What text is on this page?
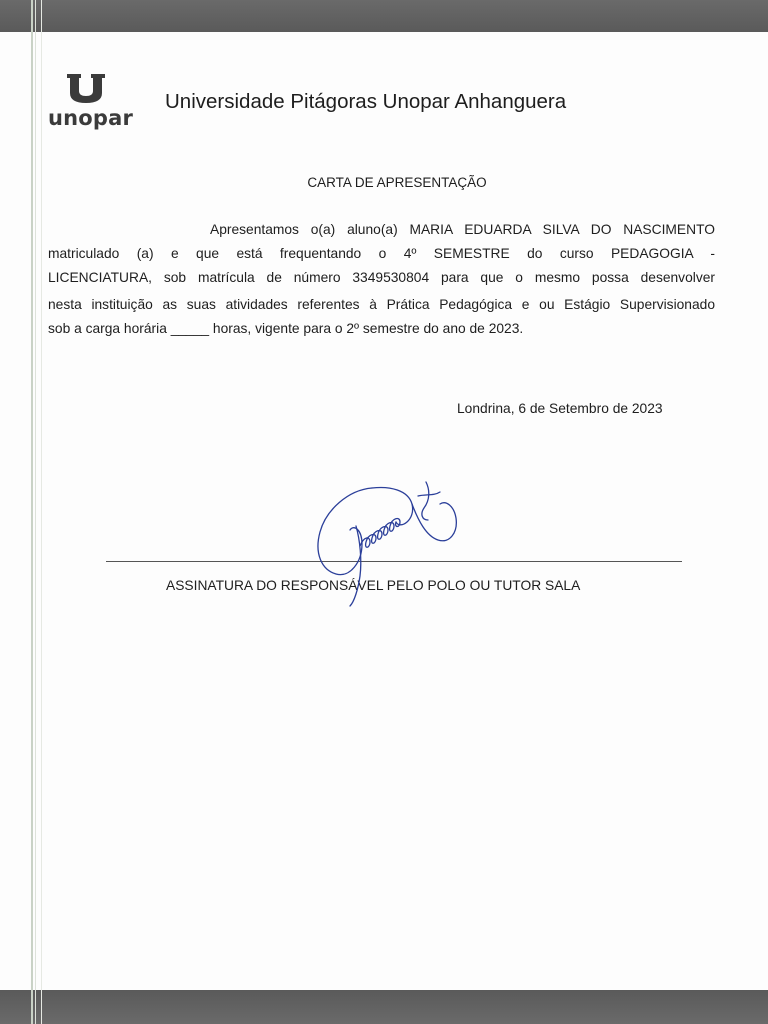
unopar
Universidade Pitágoras Unopar Anhanguera
CARTA DE APRESENTAÇÃO
Apresentamos o(a) aluno(a) MARIA EDUARDA SILVA DO NASCIMENTO
matriculado (a) e que está frequentando o 4º SEMESTRE do curso PEDAGOGIA -
LICENCIATURA, sob matrícula de número 3349530804 para que o mesmo possa desenvolver
nesta instituição as suas atividades referentes à Prática Pedagógica e ou Estágio Supervisionado
sob a carga horária _____ horas, vigente para o 2º semestre do ano de 2023.
Londrina, 6 de Setembro de 2023
ASSINATURA DO RESPONSÁVEL PELO POLO OU TUTOR SALA
